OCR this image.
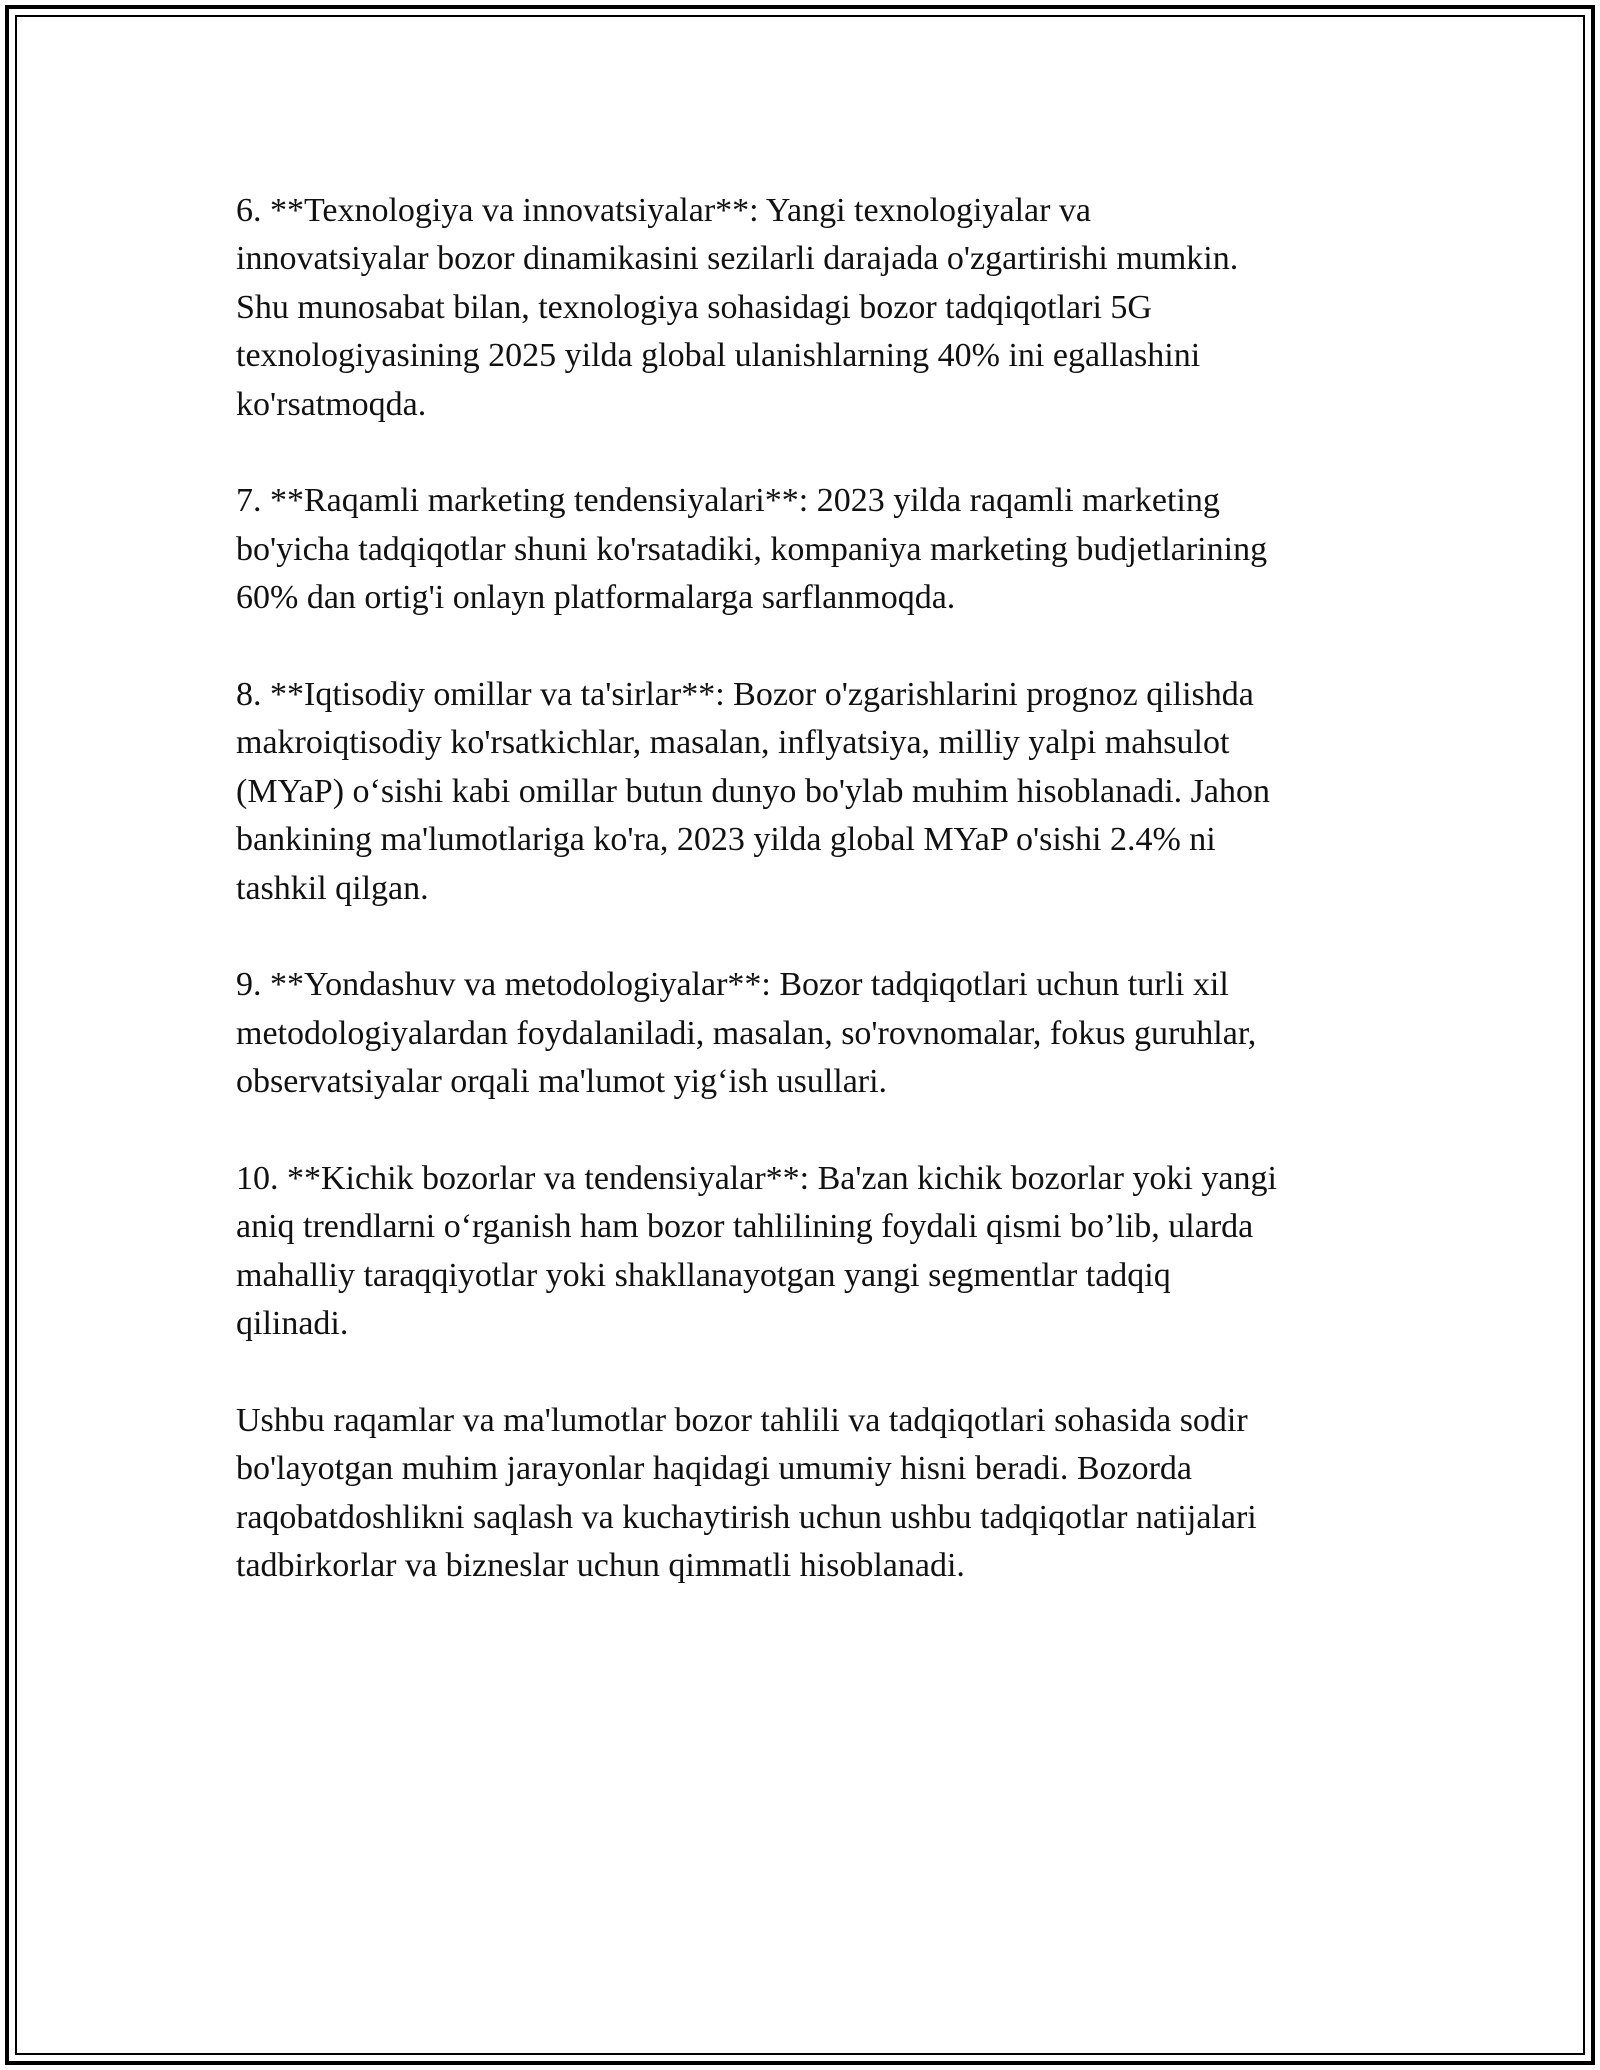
6. **Texnologiya va innovatsiyalar**: Yangi texnologiyalar va
innovatsiyalar bozor dinamikasini sezilarli darajada o'zgartirishi mumkin.
Shu munosabat bilan, texnologiya sohasidagi bozor tadqiqotlari 5G
texnologiyasining 2025 yilda global ulanishlarning 40% ini egallashini
ko'rsatmoqda.

7. **Raqamli marketing tendensiyalari**: 2023 yilda raqamli marketing
bo'yicha tadqiqotlar shuni ko'rsatadiki, kompaniya marketing budjetlarining
60% dan ortig'i onlayn platformalarga sarflanmoqda.

8. **Iqtisodiy omillar va ta'sirlar**: Bozor o'zgarishlarini prognoz qilishda
makroiqtisodiy ko'rsatkichlar, masalan, inflyatsiya, milliy yalpi mahsulot
(MYaP) o‘sishi kabi omillar butun dunyo bo'ylab muhim hisoblanadi. Jahon
bankining ma'lumotlariga ko'ra, 2023 yilda global MYaP o'sishi 2.4% ni
tashkil qilgan.

9. **Yondashuv va metodologiyalar**: Bozor tadqiqotlari uchun turli xil
metodologiyalardan foydalaniladi, masalan, so'rovnomalar, fokus guruhlar,
observatsiyalar orqali ma'lumot yig‘ish usullari.

10. **Kichik bozorlar va tendensiyalar**: Ba'zan kichik bozorlar yoki yangi
aniq trendlarni o‘rganish ham bozor tahlilining foydali qismi bo’lib, ularda
mahalliy taraqqiyotlar yoki shakllanayotgan yangi segmentlar tadqiq
qilinadi.

Ushbu raqamlar va ma'lumotlar bozor tahlili va tadqiqotlari sohasida sodir
bo'layotgan muhim jarayonlar haqidagi umumiy hisni beradi. Bozorda
raqobatdoshlikni saqlash va kuchaytirish uchun ushbu tadqiqotlar natijalari
tadbirkorlar va bizneslar uchun qimmatli hisoblanadi.
